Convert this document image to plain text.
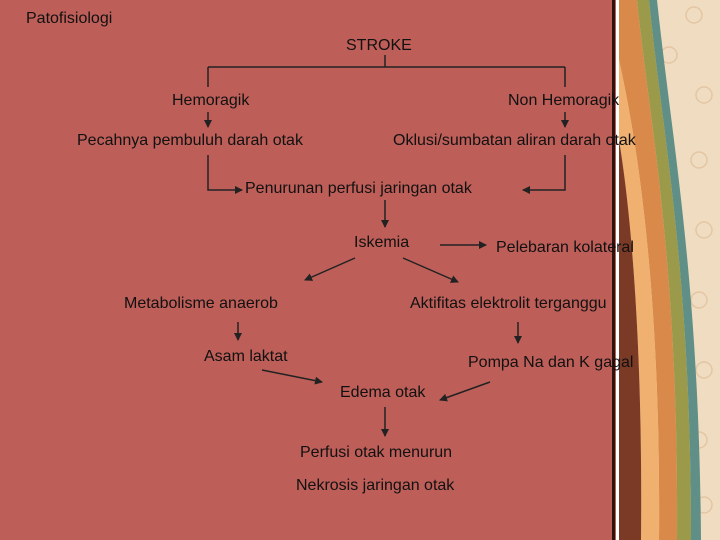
Patofisiologi
STROKE
Hemoragik	Non Hemoragik
Pecahnya pembuluh darah otak	Oklusi/sumbatan aliran darah otak
Penurunan perfusi jaringan otak
Iskemia	Pelebaran kolateral
Metabolisme anaerob	Aktifitas elektrolit terganggu
Asam laktat	Pompa Na dan K gagal
Edema otak
Perfusi otak menurun
Nekrosis jaringan otak
